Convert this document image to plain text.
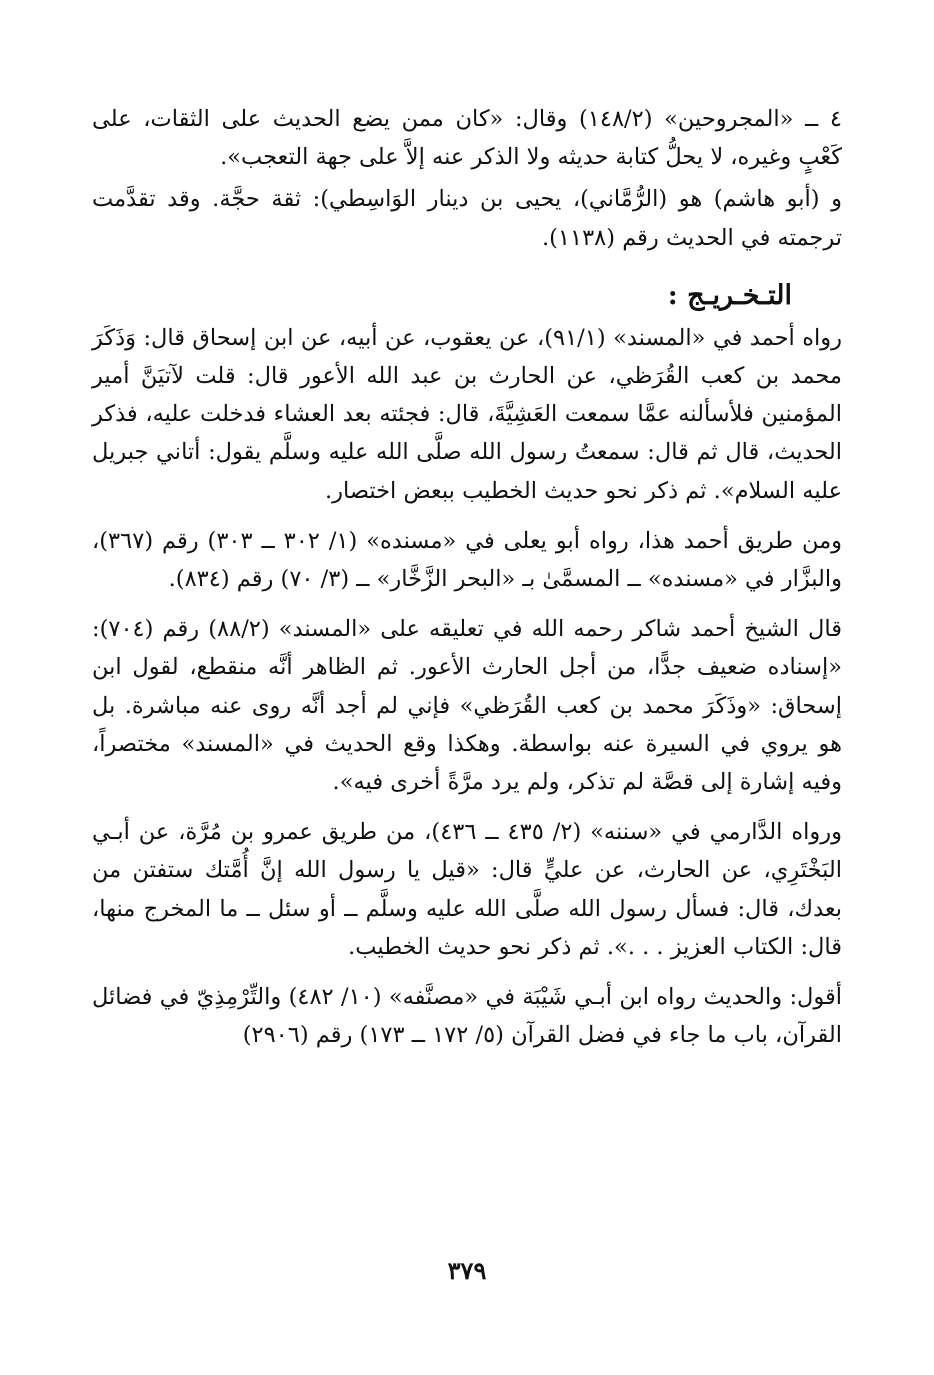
٤ ــ «المجروحين» (١٤٨/٢) وقال: «كان ممن يضع الحديث على الثقات، على كَعْبٍ وغيره، لا يحلُّ كتابة حديثه ولا الذكر عنه إلاَّ على جهة التعجب».

و (أبو هاشم) هو (الرُّمَّاني)، يحيى بن دينار الوَاسِطي): ثقة حجَّة. وقد تقدَّمت ترجمته في الحديث رقم (١١٣٨).

التـخـريـج :

رواه أحمد في «المسند» (٩١/١)، عن يعقوب، عن أبيه، عن ابن إسحاق قال: وَذَكَرَ محمد بن كعب القُرَظي، عن الحارث بن عبد الله الأعور قال: قلت لآتيَنَّ أمير المؤمنين فلأسألنه عمَّا سمعت العَشِيَّةَ، قال: فجئته بعد العشاء فدخلت عليه، فذكر الحديث، قال ثم قال: سمعتُ رسول الله صلَّى الله عليه وسلَّم يقول: أتاني جبريل عليه السلام». ثم ذكر نحو حديث الخطيب ببعض اختصار.

ومن طريق أحمد هذا، رواه أبو يعلى في «مسنده» (١/ ٣٠٢ ــ ٣٠٣) رقم (٣٦٧)، والبزَّار في «مسنده» ــ المسمَّىٰ بـ «البحر الزَّخَّار» ــ (٣/ ٧٠) رقم (٨٣٤).

قال الشيخ أحمد شاكر رحمه الله في تعليقه على «المسند» (٨٨/٢) رقم (٧٠٤): «إسناده ضعيف جدًّا، من أجل الحارث الأعور. ثم الظاهر أنَّه منقطع، لقول ابن إسحاق: «وذَكَرَ محمد بن كعب القُرَظي» فإني لم أجد أنَّه روى عنه مباشرة. بل هو يروي في السيرة عنه بواسطة. وهكذا وقع الحديث في «المسند» مختصراً، وفيه إشارة إلى قصَّة لم تذكر، ولم يرد مرَّةً أخرى فيه».

ورواه الدَّارمي في «سننه» (٢/ ٤٣٥ ــ ٤٣٦)، من طريق عمرو بن مُرَّة، عن أبـي البَخْتَرِي، عن الحارث، عن عليٍّ قال: «قيل يا رسول الله إنَّ أُمَّتك ستفتن من بعدك، قال: فسأل رسول الله صلَّى الله عليه وسلَّم ــ أو سئل ــ ما المخرج منها، قال: الكتاب العزيز . . .». ثم ذكر نحو حديث الخطيب.

أقول: والحديث رواه ابن أبـي شَيْبَة في «مصنَّفه» (١٠/ ٤٨٢) والتِّرْمِذِيّ في فضائل القرآن، باب ما جاء في فضل القرآن (٥/ ١٧٢ ــ ١٧٣) رقم (٢٩٠٦)

٣٧٩
